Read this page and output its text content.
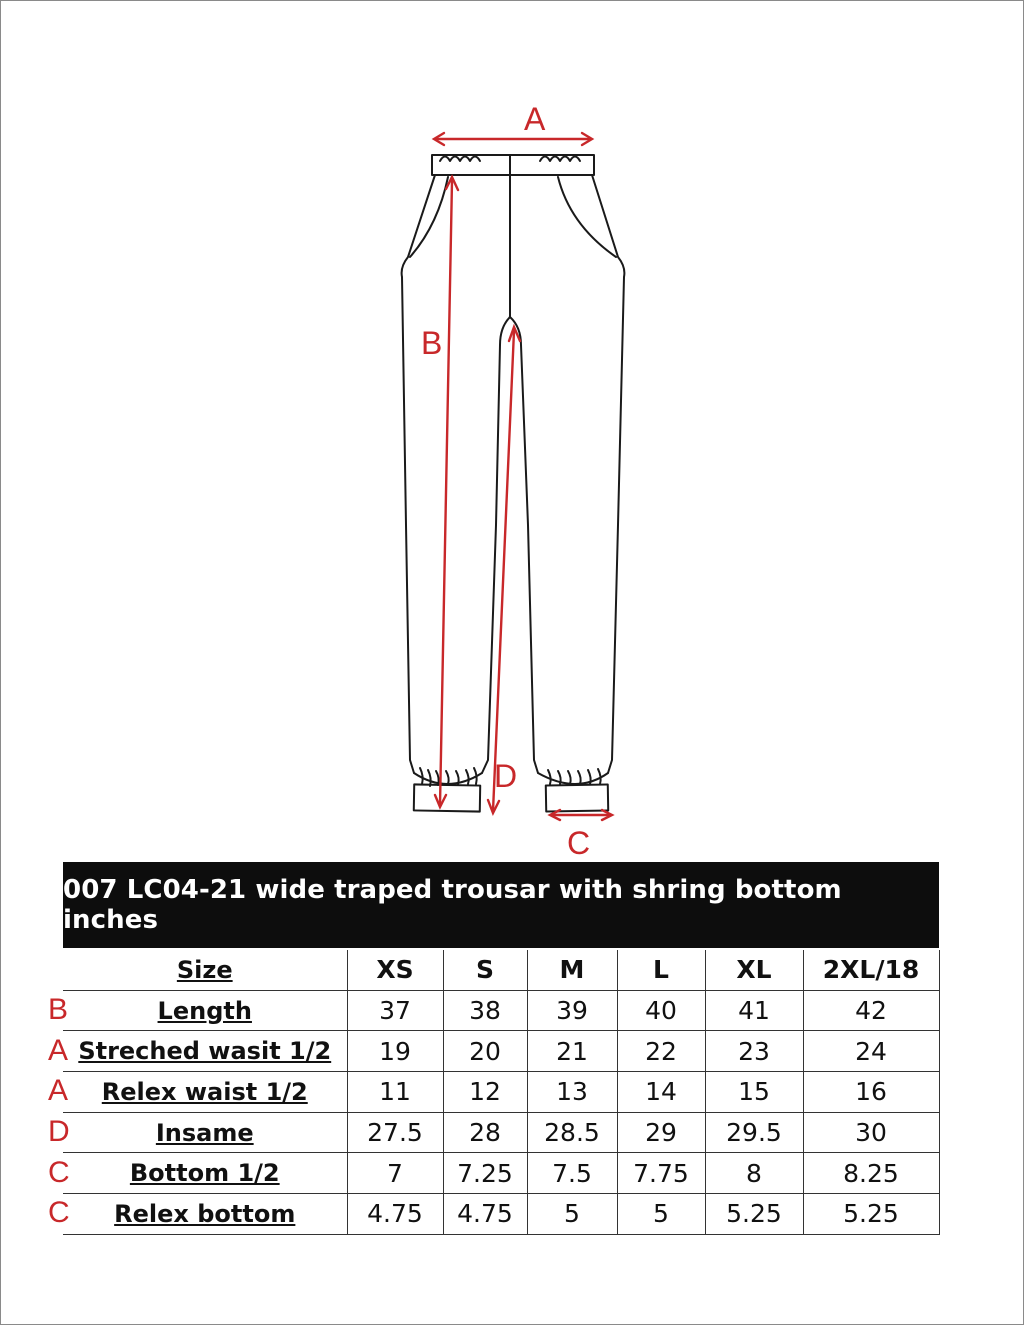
A
B
D
C
007 LC04-21 wide traped trousar with shring bottom inches
B
A
A
D
C
C
Size	XS	S	M	L	XL	2XL/18
Length	37	38	39	40	41	42
Streched wasit 1/2	19	20	21	22	23	24
Relex waist 1/2	11	12	13	14	15	16
Insame	27.5	28	28.5	29	29.5	30
Bottom 1/2	7	7.25	7.5	7.75	8	8.25
Relex bottom	4.75	4.75	5	5	5.25	5.25
